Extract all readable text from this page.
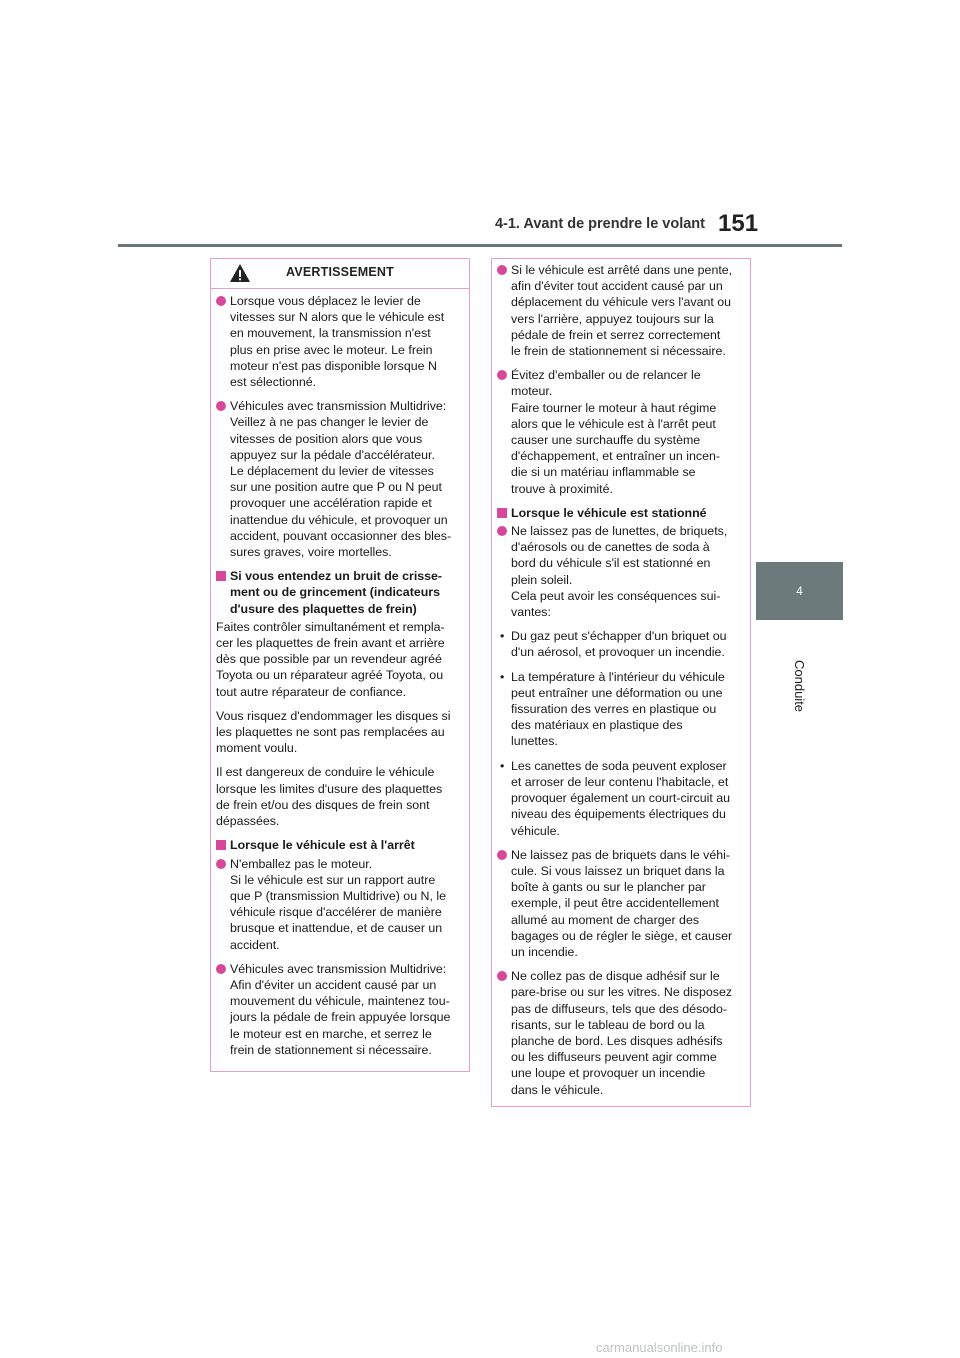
4-1. Avant de prendre le volant 151
4
Conduite
AVERTISSEMENT
Lorsque vous déplacez le levier de
vitesses sur N alors que le véhicule est
en mouvement, la transmission n'est
plus en prise avec le moteur. Le frein
moteur n'est pas disponible lorsque N
est sélectionné.
Véhicules avec transmission Multidrive:
Veillez à ne pas changer le levier de
vitesses de position alors que vous
appuyez sur la pédale d'accélérateur.
Le déplacement du levier de vitesses
sur une position autre que P ou N peut
provoquer une accélération rapide et
inattendue du véhicule, et provoquer un
accident, pouvant occasionner des bles-
sures graves, voire mortelles.
Si vous entendez un bruit de crisse-
ment ou de grincement (indicateurs
d'usure des plaquettes de frein)
Faites contrôler simultanément et rempla-
cer les plaquettes de frein avant et arrière
dès que possible par un revendeur agréé
Toyota ou un réparateur agréé Toyota, ou
tout autre réparateur de confiance.
Vous risquez d'endommager les disques si
les plaquettes ne sont pas remplacées au
moment voulu.
Il est dangereux de conduire le véhicule
lorsque les limites d'usure des plaquettes
de frein et/ou des disques de frein sont
dépassées.
Lorsque le véhicule est à l'arrêt
N'emballez pas le moteur.
Si le véhicule est sur un rapport autre
que P (transmission Multidrive) ou N, le
véhicule risque d'accélérer de manière
brusque et inattendue, et de causer un
accident.
Véhicules avec transmission Multidrive:
Afin d'éviter un accident causé par un
mouvement du véhicule, maintenez tou-
jours la pédale de frein appuyée lorsque
le moteur est en marche, et serrez le
frein de stationnement si nécessaire.
Si le véhicule est arrêté dans une pente,
afin d'éviter tout accident causé par un
déplacement du véhicule vers l'avant ou
vers l'arrière, appuyez toujours sur la
pédale de frein et serrez correctement
le frein de stationnement si nécessaire.
Évitez d'emballer ou de relancer le
moteur.
Faire tourner le moteur à haut régime
alors que le véhicule est à l'arrêt peut
causer une surchauffe du système
d'échappement, et entraîner un incen-
die si un matériau inflammable se
trouve à proximité.
Lorsque le véhicule est stationné
Ne laissez pas de lunettes, de briquets,
d'aérosols ou de canettes de soda à
bord du véhicule s'il est stationné en
plein soleil.
Cela peut avoir les conséquences sui-
vantes:
• Du gaz peut s'échapper d'un briquet ou
d'un aérosol, et provoquer un incendie.
• La température à l'intérieur du véhicule
peut entraîner une déformation ou une
fissuration des verres en plastique ou
des matériaux en plastique des
lunettes.
• Les canettes de soda peuvent exploser
et arroser de leur contenu l'habitacle, et
provoquer également un court-circuit au
niveau des équipements électriques du
véhicule.
Ne laissez pas de briquets dans le véhi-
cule. Si vous laissez un briquet dans la
boîte à gants ou sur le plancher par
exemple, il peut être accidentellement
allumé au moment de charger des
bagages ou de régler le siège, et causer
un incendie.
Ne collez pas de disque adhésif sur le
pare-brise ou sur les vitres. Ne disposez
pas de diffuseurs, tels que des désodo-
risants, sur le tableau de bord ou la
planche de bord. Les disques adhésifs
ou les diffuseurs peuvent agir comme
une loupe et provoquer un incendie
dans le véhicule.
carmanualsonline.info
